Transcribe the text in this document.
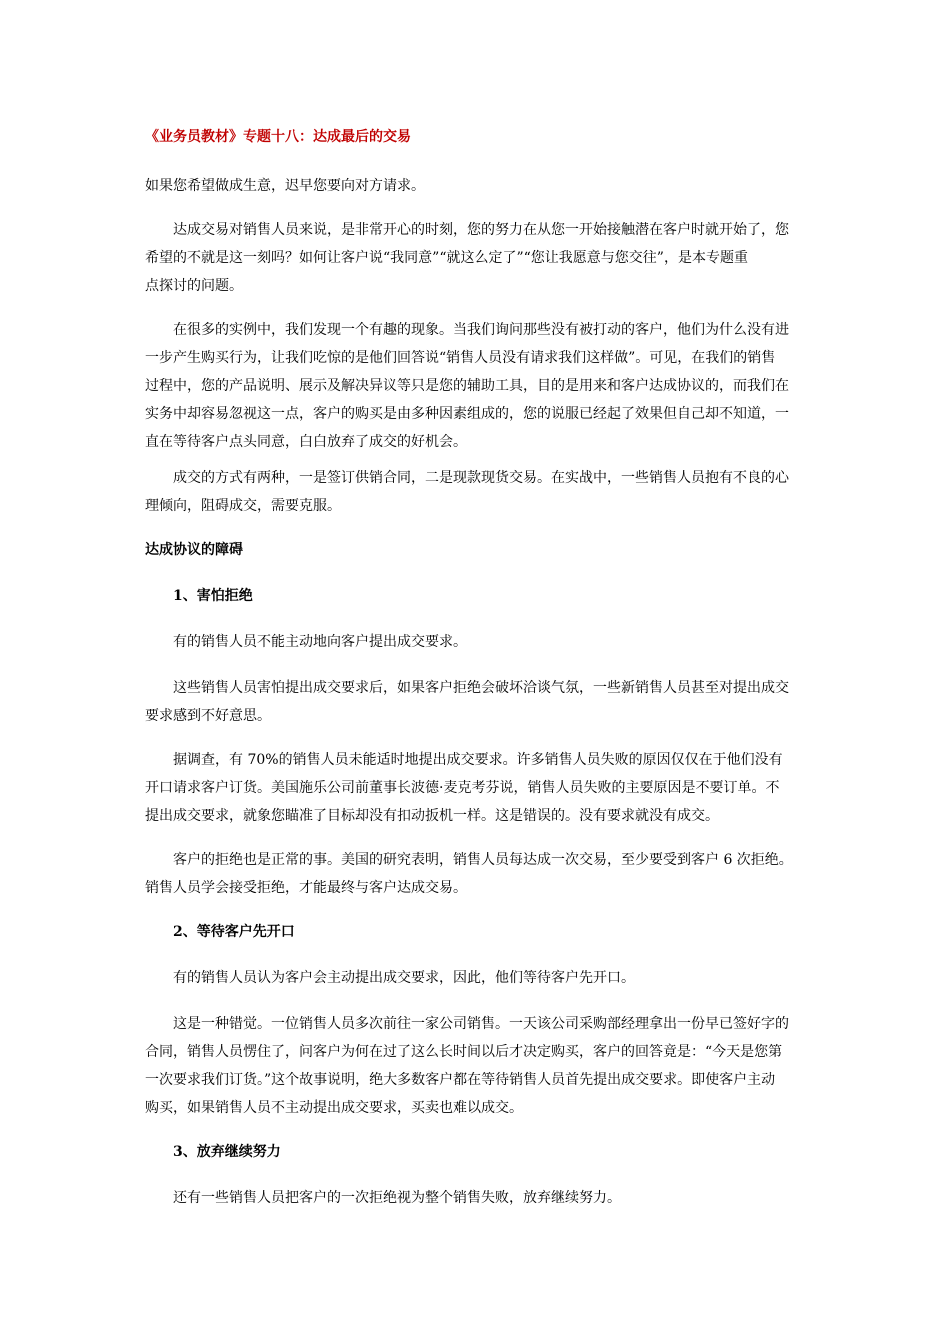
《业务员教材》专题十八：达成最后的交易
如果您希望做成生意，迟早您要向对方请求。
达成交易对销售人员来说，是非常开心的时刻，您的努力在从您一开始接触潜在客户时就开始了，您
希望的不就是这一刻吗？如何让客户说“我同意”“就这么定了”“您让我愿意与您交往”，是本专题重
点探讨的问题。
在很多的实例中，我们发现一个有趣的现象。当我们询问那些没有被打动的客户，他们为什么没有进
一步产生购买行为，让我们吃惊的是他们回答说“销售人员没有请求我们这样做”。可见，在我们的销售
过程中，您的产品说明、展示及解决异议等只是您的辅助工具，目的是用来和客户达成协议的，而我们在
实务中却容易忽视这一点，客户的购买是由多种因素组成的，您的说服已经起了效果但自己却不知道，一
直在等待客户点头同意，白白放弃了成交的好机会。
成交的方式有两种，一是签订供销合同，二是现款现货交易。在实战中，一些销售人员抱有不良的心
理倾向，阻碍成交，需要克服。
达成协议的障碍
1、害怕拒绝
有的销售人员不能主动地向客户提出成交要求。
这些销售人员害怕提出成交要求后，如果客户拒绝会破坏洽谈气氛，一些新销售人员甚至对提出成交
要求感到不好意思。
据调查，有 70%的销售人员未能适时地提出成交要求。许多销售人员失败的原因仅仅在于他们没有
开口请求客户订货。美国施乐公司前董事长波德·麦克考芬说，销售人员失败的主要原因是不要订单。不
提出成交要求，就象您瞄准了目标却没有扣动扳机一样。这是错误的。没有要求就没有成交。
客户的拒绝也是正常的事。美国的研究表明，销售人员每达成一次交易，至少要受到客户 6 次拒绝。
销售人员学会接受拒绝，才能最终与客户达成交易。
2、等待客户先开口
有的销售人员认为客户会主动提出成交要求，因此，他们等待客户先开口。
这是一种错觉。一位销售人员多次前往一家公司销售。一天该公司采购部经理拿出一份早已签好字的
合同，销售人员愣住了，问客户为何在过了这么长时间以后才决定购买，客户的回答竟是：“今天是您第
一次要求我们订货。”这个故事说明，绝大多数客户都在等待销售人员首先提出成交要求。即使客户主动
购买，如果销售人员不主动提出成交要求，买卖也难以成交。
3、放弃继续努力
还有一些销售人员把客户的一次拒绝视为整个销售失败，放弃继续努力。
